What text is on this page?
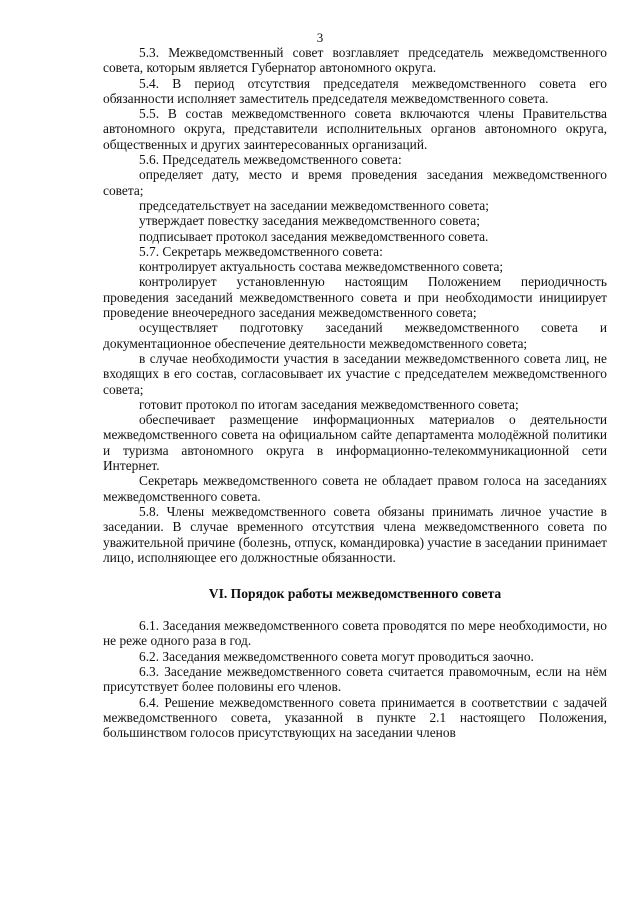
3

5.3. Межведомственный совет возглавляет председатель межведомственного совета, которым является Губернатор автономного округа.

5.4. В период отсутствия председателя межведомственного совета его обязанности исполняет заместитель председателя межведомственного совета.

5.5. В состав межведомственного совета включаются члены Правительства автономного округа, представители исполнительных органов автономного округа, общественных и других заинтересованных организаций.

5.6. Председатель межведомственного совета:

определяет дату, место и время проведения заседания межведомственного совета;

председательствует на заседании межведомственного совета;

утверждает повестку заседания межведомственного совета;

подписывает протокол заседания межведомственного совета.

5.7. Секретарь межведомственного совета:

контролирует актуальность состава межведомственного совета;

контролирует установленную настоящим Положением периодичность проведения заседаний межведомственного совета и при необходимости инициирует проведение внеочередного заседания межведомственного совета;

осуществляет подготовку заседаний межведомственного совета и документационное обеспечение деятельности межведомственного совета;

в случае необходимости участия в заседании межведомственного совета лиц, не входящих в его состав, согласовывает их участие с председателем межведомственного совета;

готовит протокол по итогам заседания межведомственного совета;

обеспечивает размещение информационных материалов о деятельности межведомственного совета на официальном сайте департамента молодёжной политики и туризма автономного округа в информационно-телекоммуникационной сети Интернет.

Секретарь межведомственного совета не обладает правом голоса на заседаниях межведомственного совета.

5.8. Члены межведомственного совета обязаны принимать личное участие в заседании. В случае временного отсутствия члена межведомственного совета по уважительной причине (болезнь, отпуск, командировка) участие в заседании принимает лицо, исполняющее его должностные обязанности.

VI. Порядок работы межведомственного совета

6.1. Заседания межведомственного совета проводятся по мере необходимости, но не реже одного раза в год.

6.2. Заседания межведомственного совета могут проводиться заочно.

6.3. Заседание межведомственного совета считается правомочным, если на нём присутствует более половины его членов.

6.4. Решение межведомственного совета принимается в соответствии с задачей межведомственного совета, указанной в пункте 2.1 настоящего Положения, большинством голосов присутствующих на заседании членов
